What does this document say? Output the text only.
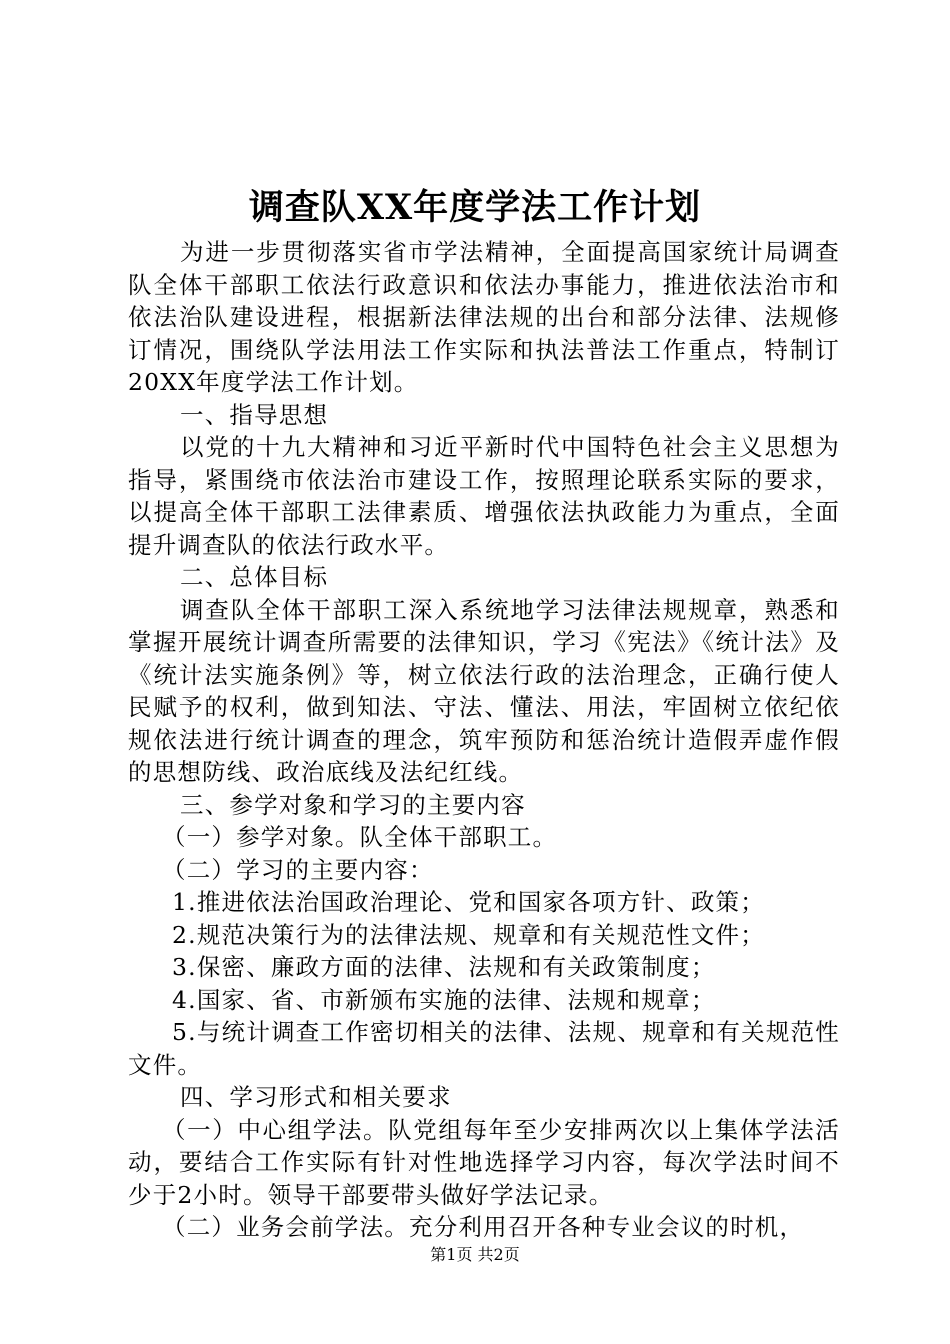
调查队XX年度学法工作计划

为进一步贯彻落实省市学法精神，全面提高国家统计局调查队全体干部职工依法行政意识和依法办事能力，推进依法治市和依法治队建设进程，根据新法律法规的出台和部分法律、法规修订情况，围绕队学法用法工作实际和执法普法工作重点，特制订20XX年度学法工作计划。

一、指导思想

以党的十九大精神和习近平新时代中国特色社会主义思想为指导，紧围绕市依法治市建设工作，按照理论联系实际的要求，以提高全体干部职工法律素质、增强依法执政能力为重点，全面提升调查队的依法行政水平。

二、总体目标

调查队全体干部职工深入系统地学习法律法规规章，熟悉和掌握开展统计调查所需要的法律知识，学习《宪法》《统计法》及《统计法实施条例》等，树立依法行政的法治理念，正确行使人民赋予的权利，做到知法、守法、懂法、用法，牢固树立依纪依规依法进行统计调查的理念，筑牢预防和惩治统计造假弄虚作假的思想防线、政治底线及法纪红线。

三、参学对象和学习的主要内容

（一）参学对象。队全体干部职工。

（二）学习的主要内容：

1.推进依法治国政治理论、党和国家各项方针、政策；

2.规范决策行为的法律法规、规章和有关规范性文件；

3.保密、廉政方面的法律、法规和有关政策制度；

4.国家、省、市新颁布实施的法律、法规和规章；

5.与统计调查工作密切相关的法律、法规、规章和有关规范性文件。

四、学习形式和相关要求

（一）中心组学法。队党组每年至少安排两次以上集体学法活动，要结合工作实际有针对性地选择学习内容，每次学法时间不少于2小时。领导干部要带头做好学法记录。

（二）业务会前学法。充分利用召开各种专业会议的时机，

第1页 共2页
